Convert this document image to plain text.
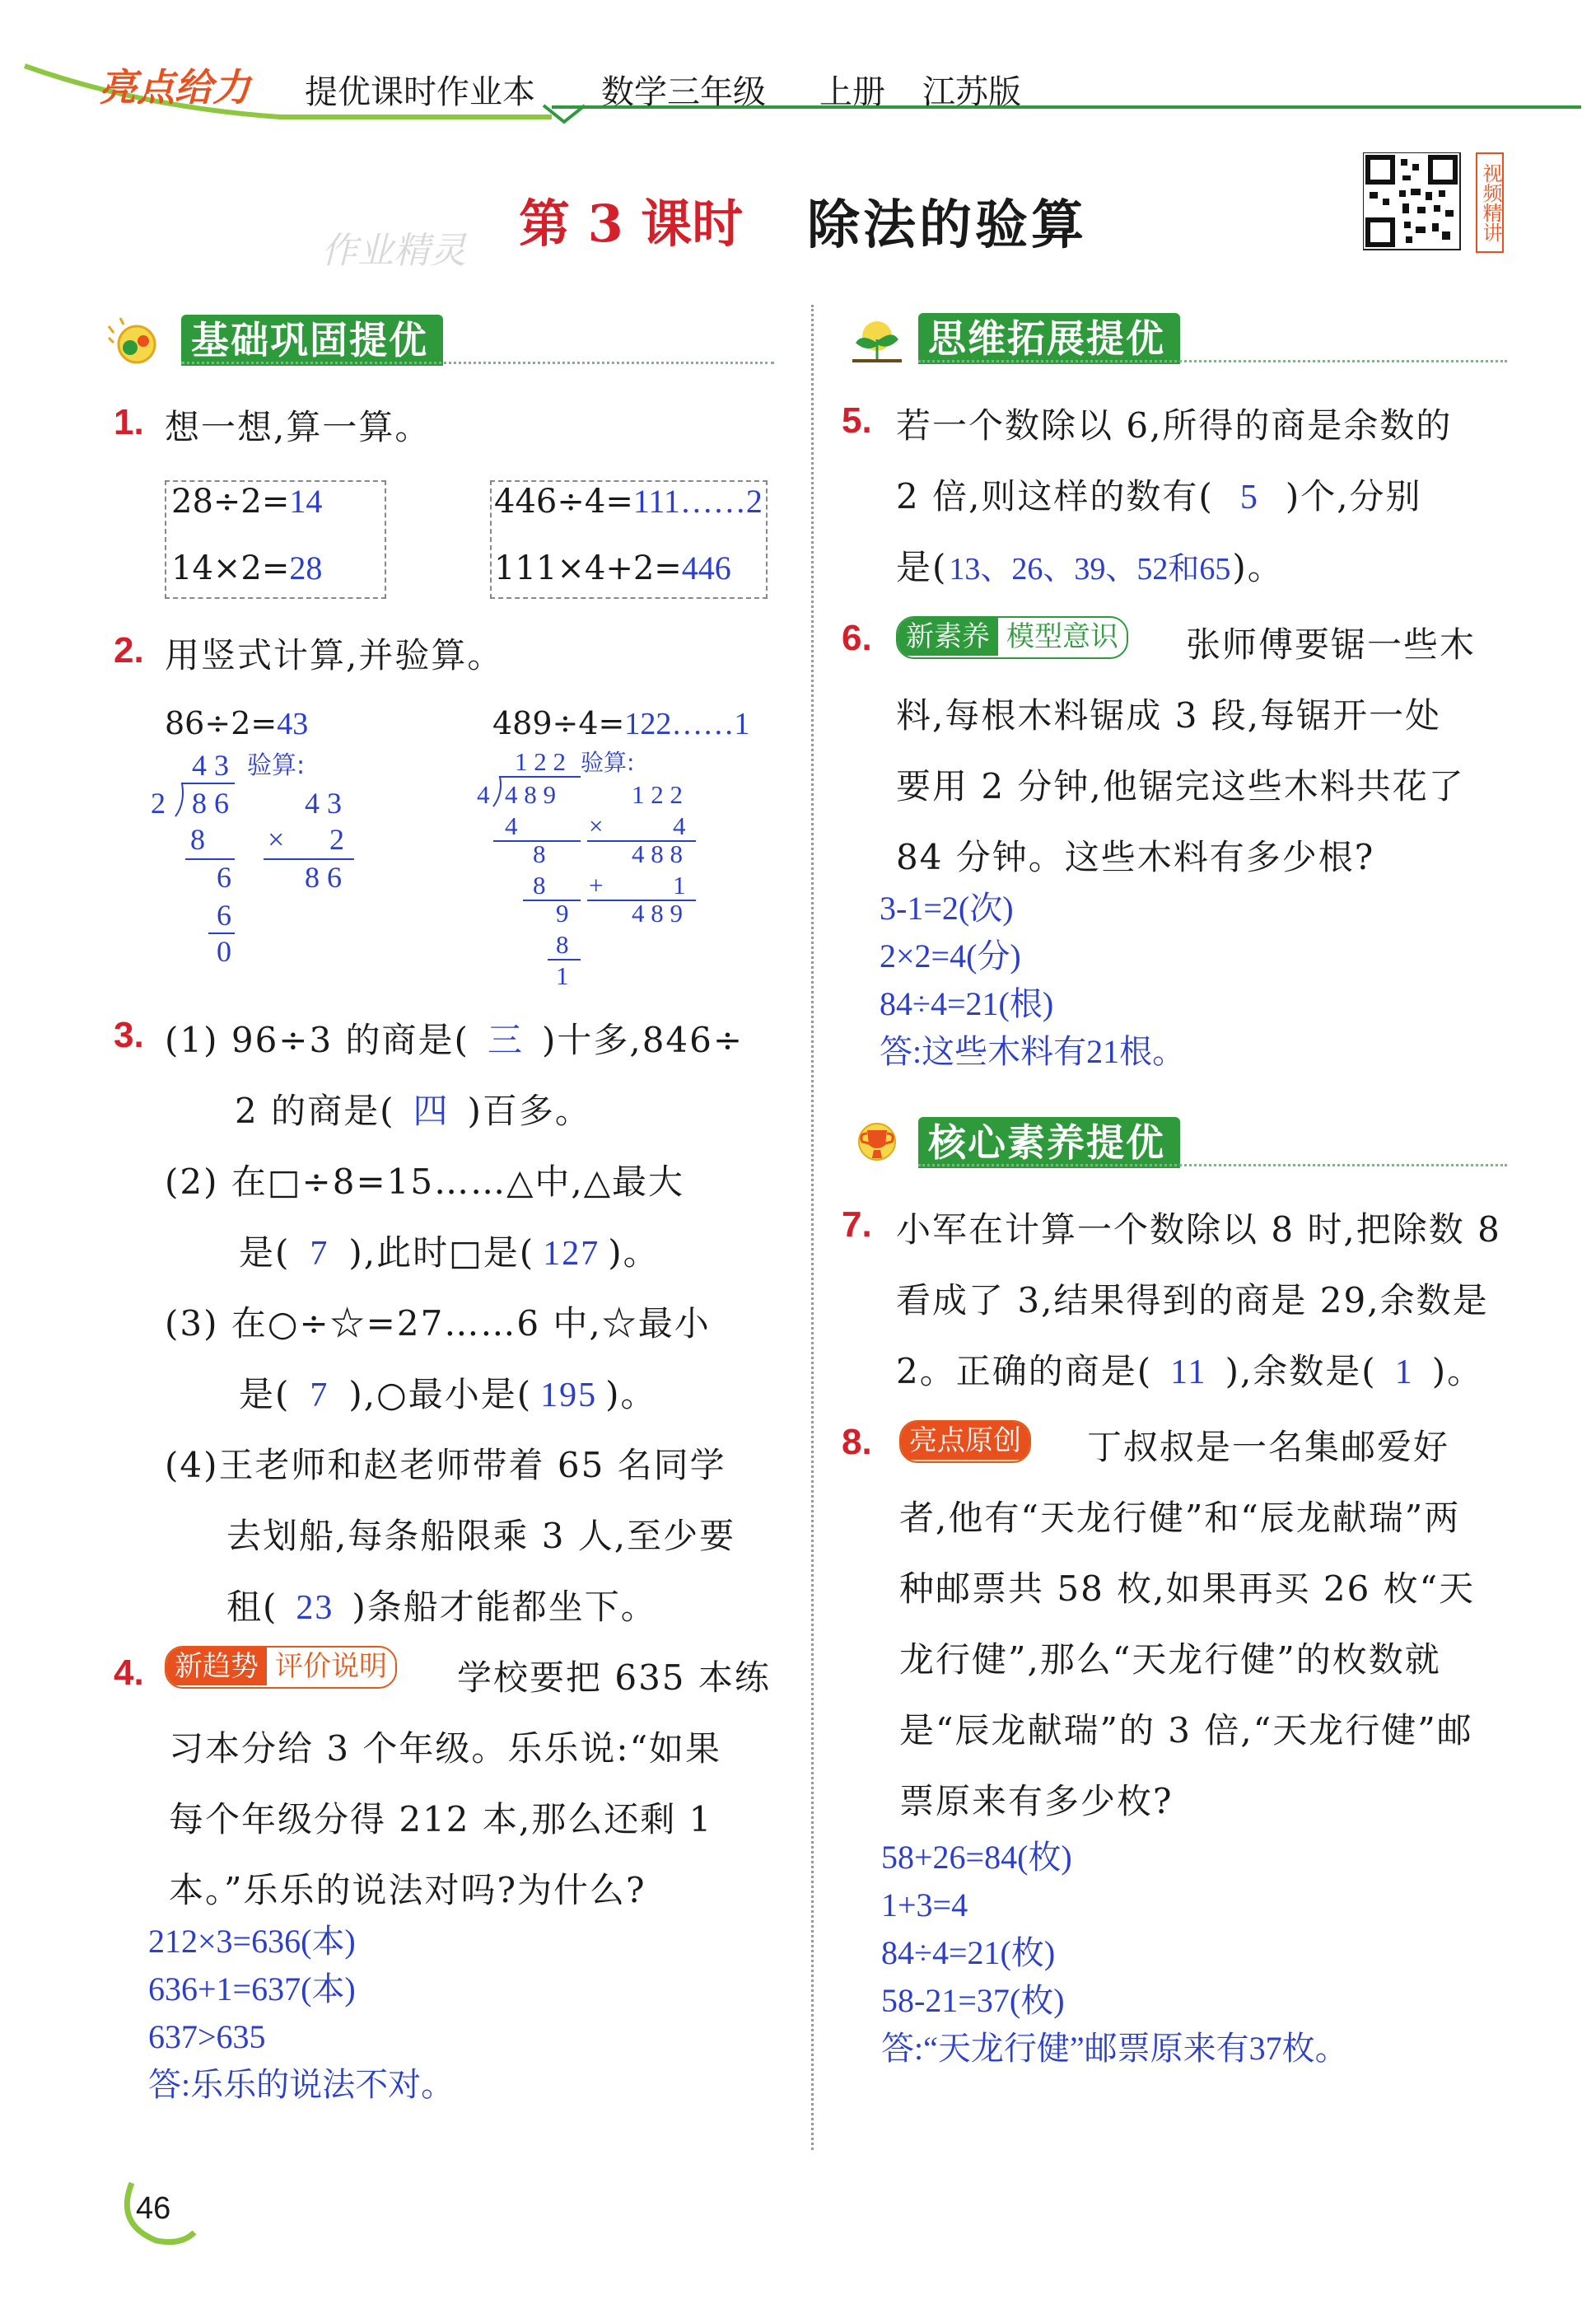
亮点给力 提优课时作业本 数学三年级 上册 江苏版
第 3 课时 除法的验算
作业精灵
视频精讲
基础巩固提优
1. 想一想,算一算。
28÷2=14
14×2=28
446÷4=111……2
111×4+2=446
2. 用竖式计算,并验算。
86÷2=43	489÷4=122……1
4 3
2 8 6
8
6
6
0
验算:
4 3
× 2
8 6
1 2 2
4 4 8 9
4
8
8
9
8
1
验算:
1 2 2
×	4
4 8 8
+	1
4 8 9
3. (1) 96÷3 的商是( 三 )十多,846÷
2 的商是( 四 )百多。
(2) 在□÷8=15……△中,△最大
是( 7 ),此时□是( 127 )。
(3) 在○÷☆=27……6 中,☆最小
是( 7 ),○最小是( 195 )。
(4)王老师和赵老师带着 65 名同学
去划船,每条船限乘 3 人,至少要
租( 23 )条船才能都坐下。
4.	新趋势 评价说明 学校要把 635 本练
习本分给 3 个年级。乐乐说:“如果
每个年级分得 212 本,那么还剩 1
本。”乐乐的说法对吗?为什么?
212×3=636(本)
636+1=637(本)
637>635
答:乐乐的说法不对。
思维拓展提优
5. 若一个数除以 6,所得的商是余数的
2 倍,则这样的数有( 5 )个,分别
是(13、26、39、52和65)。
6.	新素养 模型意识 张师傅要锯一些木
料,每根木料锯成 3 段,每锯开一处
要用 2 分钟,他锯完这些木料共花了
84 分钟。这些木料有多少根?
3-1=2(次)
2×2=4(分)
84÷4=21(根)
答:这些木料有21根。
核心素养提优
7. 小军在计算一个数除以 8 时,把除数 8
看成了 3,结果得到的商是 29,余数是
2。正确的商是( 11 ),余数是( 1 )。
8.	亮点原创 丁叔叔是一名集邮爱好
者,他有“天龙行健”和“辰龙献瑞”两
种邮票共 58 枚,如果再买 26 枚“天
龙行健”,那么“天龙行健”的枚数就
是“辰龙献瑞”的 3 倍,“天龙行健”邮
票原来有多少枚?
58+26=84(枚)
1+3=4
84÷4=21(枚)
58-21=37(枚)
答:“天龙行健”邮票原来有37枚。
46
